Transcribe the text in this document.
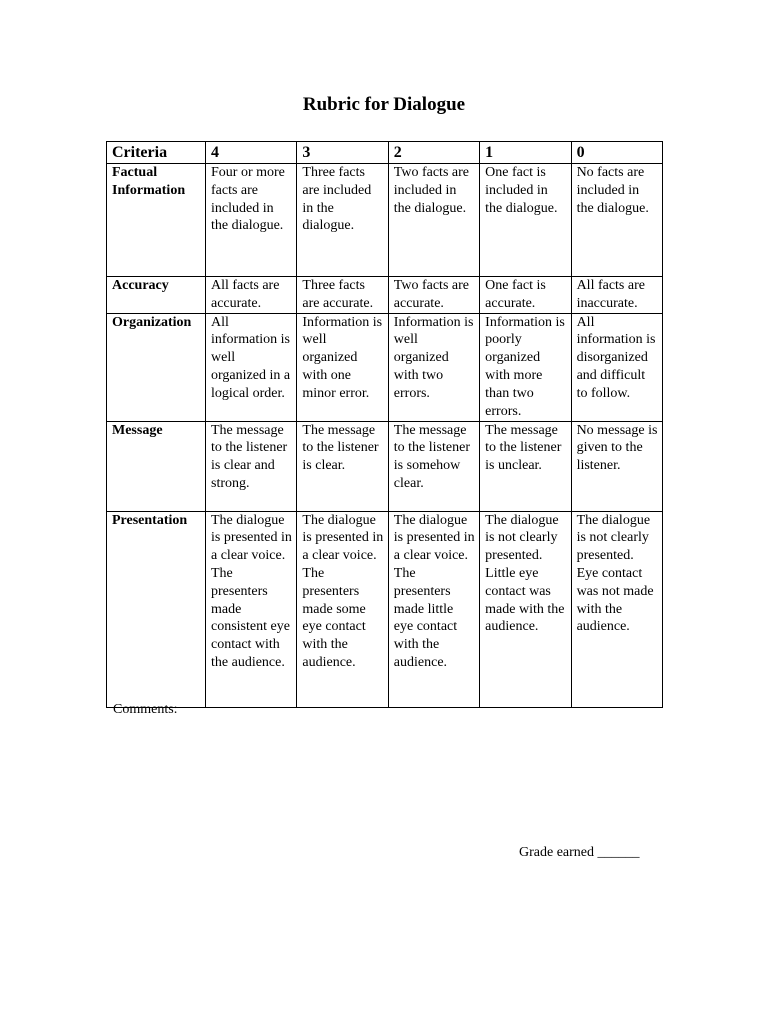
Rubric for Dialogue
Criteria	4	3	2	1	0
Factual Information	Four or more facts are included in the dialogue.	Three facts are included in the dialogue.	Two facts are included in the dialogue.	One fact is included in the dialogue.	No facts are included in the dialogue.
Accuracy	All facts are accurate.	Three facts are accurate.	Two facts are accurate.	One fact is accurate.	All facts are inaccurate.
Organization	All information is well organized in a logical order.	Information is well organized with one minor error.	Information is well organized with two errors.	Information is poorly organized with more than two errors.	All information is disorganized and difficult to follow.
Message	The message to the listener is clear and strong.	The message to the listener is clear.	The message to the listener is somehow clear.	The message to the listener is unclear.	No message is given to the listener.
Presentation	The dialogue is presented in a clear voice. The presenters made consistent eye contact with the audience.	The dialogue is presented in a clear voice. The presenters made some eye contact with the audience.	The dialogue is presented in a clear voice. The presenters made little eye contact with the audience.	The dialogue is not clearly presented. Little eye contact was made with the audience.	The dialogue is not clearly presented. Eye contact was not made with the audience.

Comments:

Grade earned ______
